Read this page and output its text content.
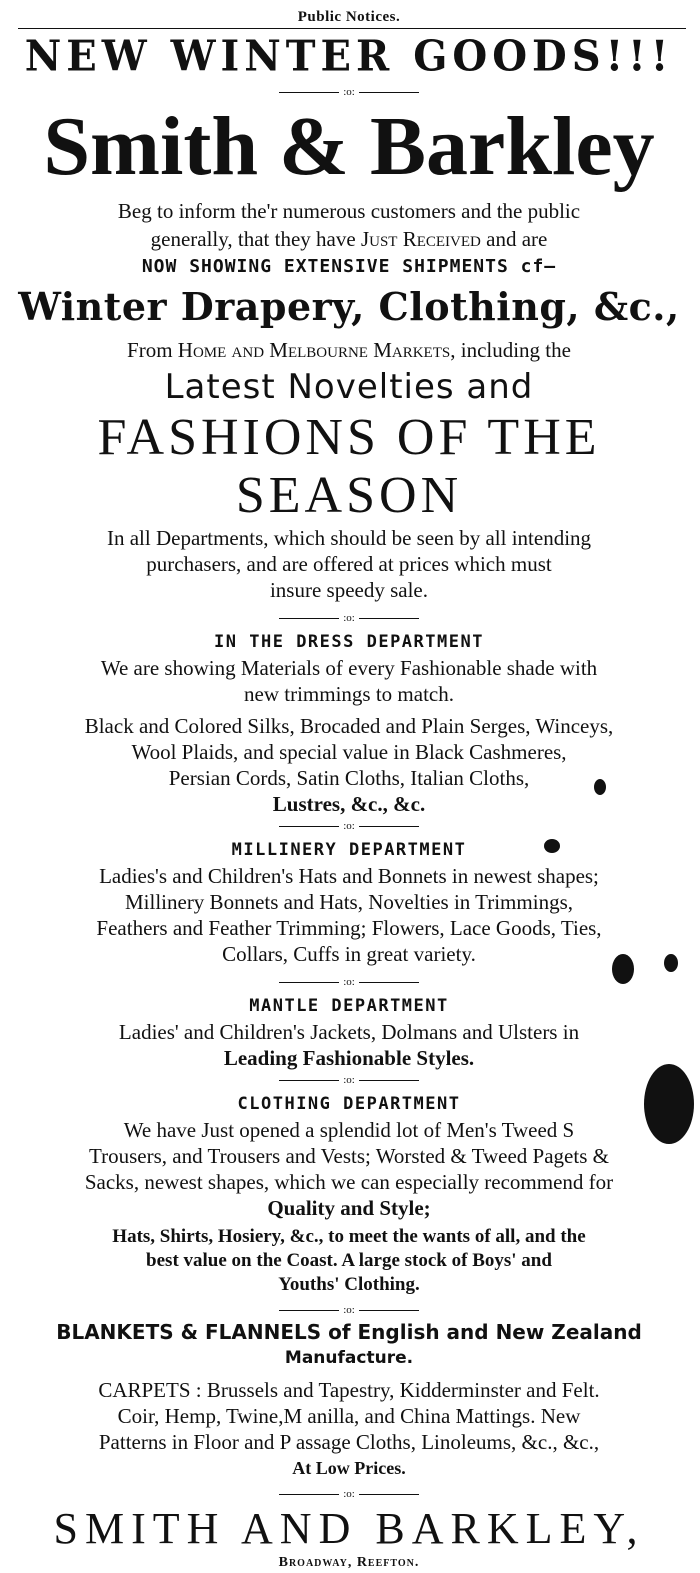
Public Notices.
NEW WINTER GOODS!!!
:o:
Smith & Barkley
Beg to inform the'r numerous customers and the public
generally, that they have Just Received and are
NOW SHOWING EXTENSIVE SHIPMENTS cf—
Winter Drapery, Clothing, &c.,
From Home and Melbourne Markets, including the
Latest Novelties and
FASHIONS OF THE SEASON
In all Departments, which should be seen by all intending
purchasers, and are offered at prices which must
insure speedy sale.
:o:
IN THE DRESS DEPARTMENT
We are showing Materials of every Fashionable shade with
new trimmings to match.
Black and Colored Silks, Brocaded and Plain Serges, Winceys,
Wool Plaids, and special value in Black Cashmeres,
Persian Cords, Satin Cloths, Italian Cloths,
Lustres, &c., &c.
:o:
MILLINERY DEPARTMENT
Ladies's and Children's Hats and Bonnets in newest shapes;
Millinery Bonnets and Hats, Novelties in Trimmings,
Feathers and Feather Trimming; Flowers, Lace Goods, Ties,
Collars, Cuffs in great variety.
:o:
MANTLE DEPARTMENT
Ladies' and Children's Jackets, Dolmans and Ulsters in
Leading Fashionable Styles.
:o:
CLOTHING DEPARTMENT
We have Just opened a splendid lot of Men's Tweed S
Trousers, and Trousers and Vests; Worsted & Tweed Pagets &
Sacks, newest shapes, which we can especially recommend for
Quality and Style;
Hats, Shirts, Hosiery, &c., to meet the wants of all, and the
best value on the Coast. A large stock of Boys' and
Youths' Clothing.
:o:
BLANKETS & FLANNELS of English and New Zealand
Manufacture.
CARPETS : Brussels and Tapestry, Kidderminster and Felt.
Coir, Hemp, Twine,M anilla, and China Mattings. New
Patterns in Floor and P assage Cloths, Linoleums, &c., &c.,
At Low Prices.
:o:
SMITH AND BARKLEY,
Broadway, Reefton.
